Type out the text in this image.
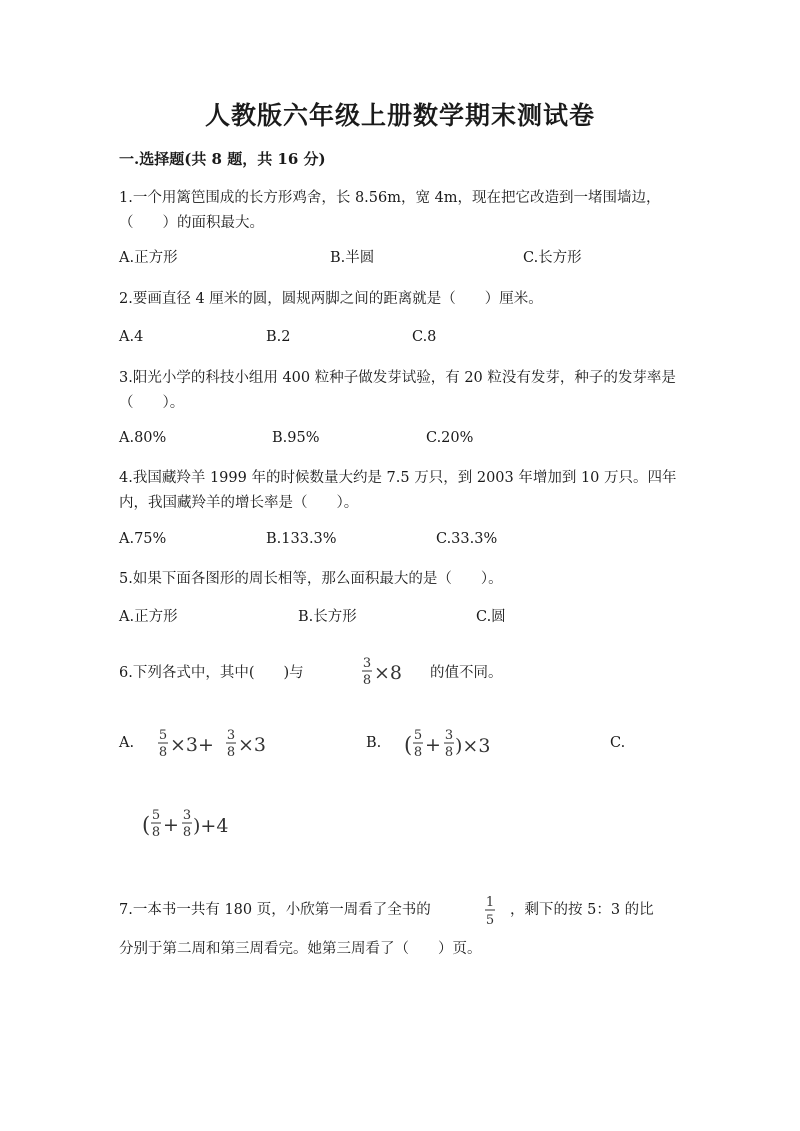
人教版六年级上册数学期末测试卷
一.选择题(共 8 题，共 16 分)
1.一个用篱笆围成的长方形鸡舍，长 8.56m，宽 4m，现在把它改造到一堵围墙边，（　　）的面积最大。
A.正方形	B.半圆	C.长方形
2.要画直径 4 厘米的圆，圆规两脚之间的距离就是（　　）厘米。
A.4	B.2	C.8
3.阳光小学的科技小组用 400 粒种子做发芽试验，有 20 粒没有发芽，种子的发芽率是（　　）。
A.80%	B.95%	C.20%
4.我国藏羚羊 1999 年的时候数量大约是 7.5 万只，到 2003 年增加到 10 万只。四年内，我国藏羚羊的增长率是（　　）。
A.75%	B.133.3%	C.33.3%
5.如果下面各图形的周长相等，那么面积最大的是（　　）。
A.正方形	B.长方形	C.圆
6.下列各式中，其中(　　)与
3
8 ×8 的值不同。
A. 5
8 ×3+ 3
8 ×3	B. ( 5
8 + 3
8 )×3	C.
( 5
8 + 3
8 )+4
7.一本书一共有 180 页，小欣第一周看了全书的	1
5
，剩下的按 5：3 的比
分别于第二周和第三周看完。她第三周看了（　　）页。
